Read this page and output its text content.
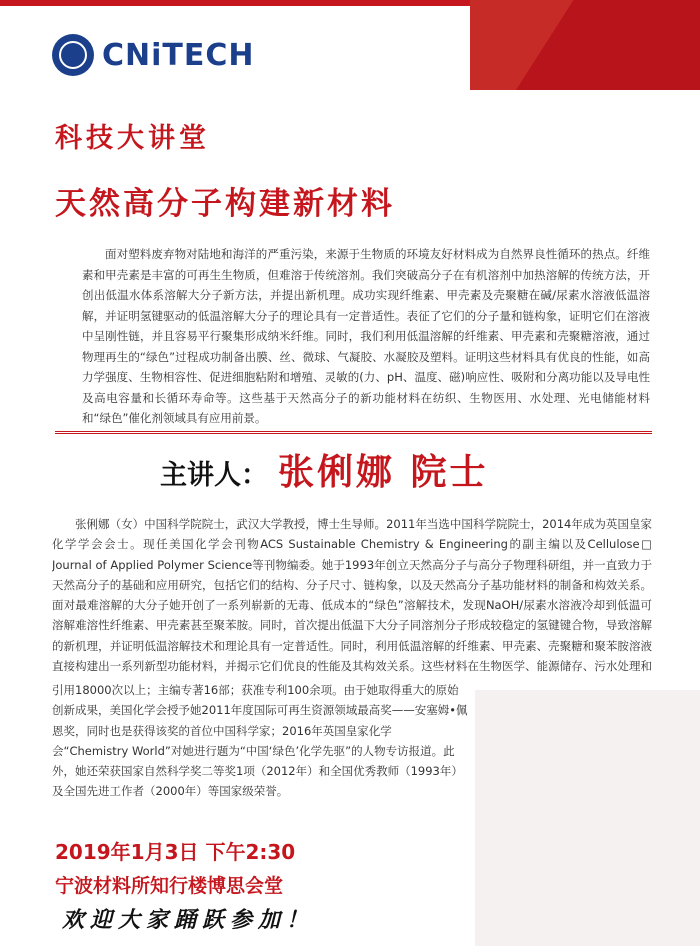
CNiTECH
科技大讲堂
天然高分子构建新材料
面对塑料废弃物对陆地和海洋的严重污染，来源于生物质的环境友好材料成为自然界良性循环的热点。纤维素和甲壳素是丰富的可再生生物质，但难溶于传统溶剂。我们突破高分子在有机溶剂中加热溶解的传统方法，开创出低温水体系溶解大分子新方法，并提出新机理。成功实现纤维素、甲壳素及壳聚糖在碱/尿素水溶液低温溶解，并证明氢键驱动的低温溶解大分子的理论具有一定普适性。表征了它们的分子量和链构象，证明它们在溶液中呈刚性链，并且容易平行聚集形成纳米纤维。同时，我们利用低温溶解的纤维素、甲壳素和壳聚糖溶液，通过物理再生的“绿色”过程成功制备出膜、丝、微球、气凝胶、水凝胶及塑料。证明这些材料具有优良的性能，如高力学强度、生物相容性、促进细胞粘附和增殖、灵敏的(力、pH、温度、磁)响应性、吸附和分离功能以及导电性及高电容量和长循环寿命等。这些基于天然高分子的新功能材料在纺织、生物医用、水处理、光电储能材料和“绿色”催化剂领域具有应用前景。
主讲人： 张俐娜 院士
张俐娜（女）中国科学院院士，武汉大学教授，博士生导师。2011年当选中国科学院院士，2014年成为英国皇家化学学会会士。现任美国化学会刊物ACS Sustainable Chemistry & Engineering的副主编以及Cellulose□ Journal of Applied Polymer Science等刊物编委。她于1993年创立天然高分子与高分子物理科研组，并一直致力于天然高分子的基础和应用研究，包括它们的结构、分子尺寸、链构象，以及天然高分子基功能材料的制备和构效关系。面对最难溶解的大分子她开创了一系列崭新的无毒、低成本的“绿色”溶解技术，发现NaOH/尿素水溶液冷却到低温可溶解难溶性纤维素、甲壳素甚至聚苯胺。同时，首次提出低温下大分子同溶剂分子形成较稳定的氢键键合物，导致溶解的新机理，并证明低温溶解技术和理论具有一定普适性。同时，利用低温溶解的纤维素、甲壳素、壳聚糖和聚苯胺溶液直接构建出一系列新型功能材料，并揭示它们优良的性能及其构效关系。这些材料在生物医学、能源储存、污水处理和
引用18000次以上；主编专著16部；获准专利100余项。由于她取得重大的原始创新成果，美国化学会授予她2011年度国际可再生资源领域最高奖——安塞姆•佩恩奖，同时也是获得该奖的首位中国科学家；2016年英国皇家化学会“Chemistry World”对她进行题为“中国‘绿色’化学先驱”的人物专访报道。此外，她还荣获国家自然科学奖二等奖1项（2012年）和全国优秀教师（1993年）及全国先进工作者（2000年）等国家级荣誉。
2019年1月3日 下午2:30
宁波材料所知行楼博思会堂
欢迎大家踊跃参加！
